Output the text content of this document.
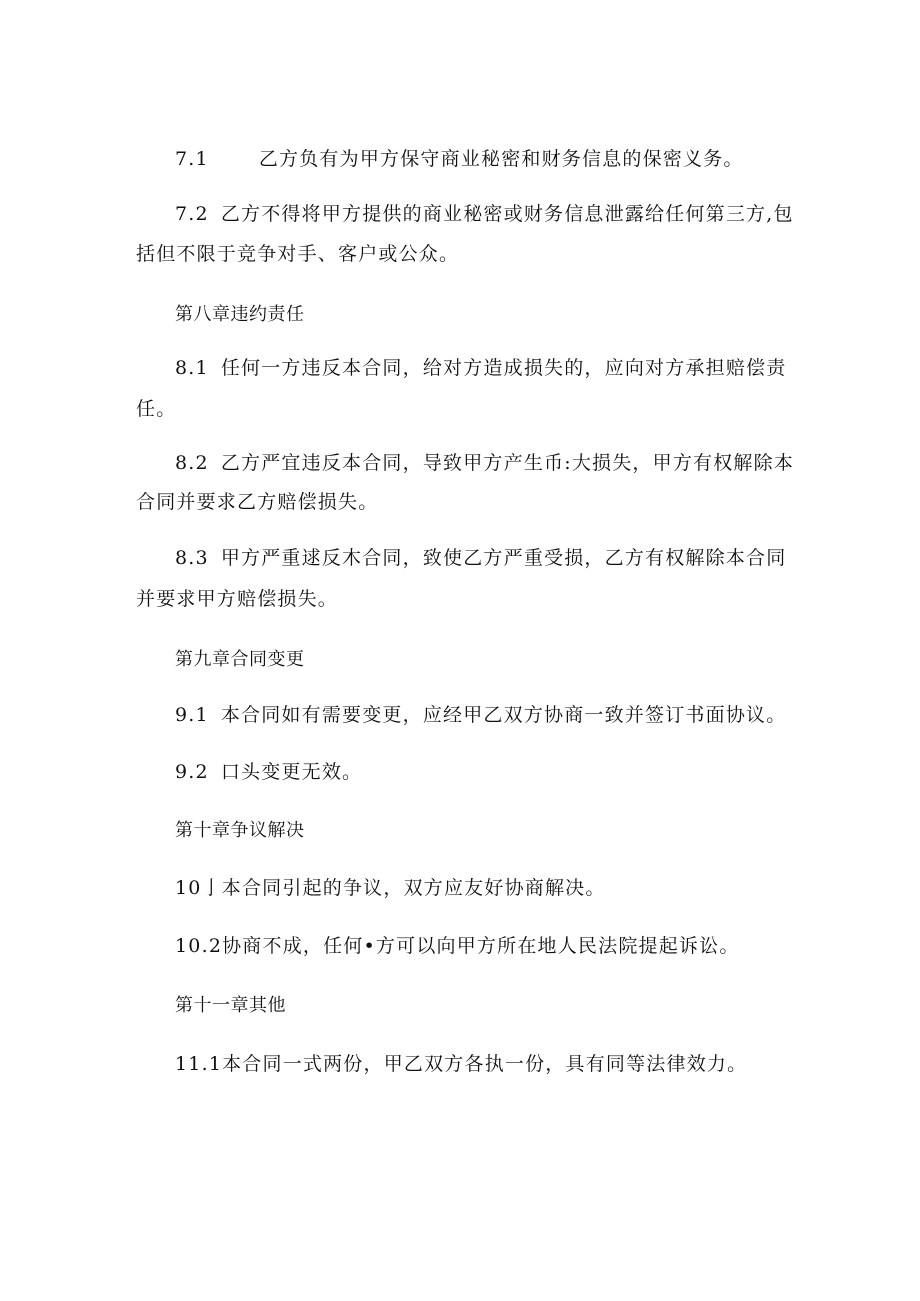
7.1	乙方负有为甲方保守商业秘密和财务信息的保密义务。
7.2 乙方不得将甲方提供的商业秘密或财务信息泄露给任何第三方,包
括但不限于竞争对手、客户或公众。
第八章违约责任
8.1 任何一方违反本合同，给对方造成损失的，应向对方承担赔偿责
任。
8.2 乙方严宜违反本合同，导致甲方产生币:大损失，甲方有权解除本
合同并要求乙方赔偿损失。
8.3 甲方严重逑反木合同，致使乙方严重受损，乙方有权解除本合同
并要求甲方赔偿损失。
第九章合同变更
9.1 本合同如有需要变更，应经甲乙双方协商一致并签订书面协议。
9.2 口头变更无效。
第十章争议解决
10亅本合同引起的争议，双方应友好协商解决。
10.2协商不成，任何•方可以向甲方所在地人民法院提起诉讼。
第十一章其他
11.1本合同一式两份，甲乙双方各执一份，具有同等法律效力。
